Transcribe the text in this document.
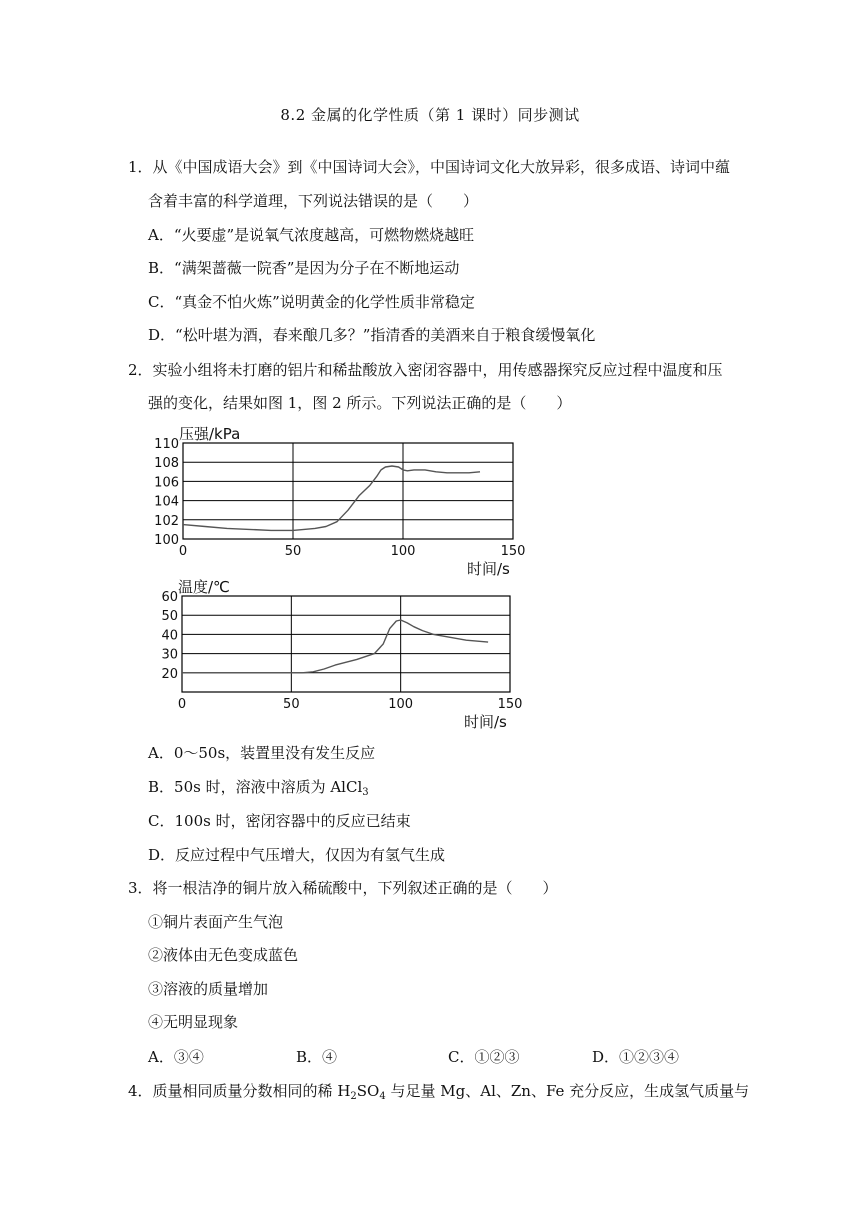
8.2 金属的化学性质（第 1 课时）同步测试
1．从《中国成语大会》到《中国诗词大会》，中国诗词文化大放异彩，很多成语、诗词中蕴
含着丰富的科学道理，下列说法错误的是（　　）
A．“火要虚”是说氧气浓度越高，可燃物燃烧越旺
B．“满架蔷薇一院香”是因为分子在不断地运动
C．“真金不怕火炼”说明黄金的化学性质非常稳定
D．“松叶堪为酒，春来酿几多？”指清香的美酒来自于粮食缓慢氧化
2．实验小组将未打磨的铝片和稀盐酸放入密闭容器中，用传感器探究反应过程中温度和压
强的变化，结果如图 1，图 2 所示。下列说法正确的是（　　）
100
102
104
106
108
110
0	50	100	150
压强/kPa
时间/s
20
30
40
50
60
0	50	100	150
温度/℃
时间/s
A．0～50s，装置里没有发生反应
B．50s 时，溶液中溶质为 AlCl$_3$
C．100s 时，密闭容器中的反应已结束
D．反应过程中气压增大，仅因为有氢气生成
3．将一根洁净的铜片放入稀硫酸中，下列叙述正确的是（　　）
①铜片表面产生气泡
②液体由无色变成蓝色
③溶液的质量增加
④无明显现象
A．③④	B．④	C．①②③	D．①②③④
4．质量相同质量分数相同的稀 $H_2SO_4$ 与足量 Mg、Al、Zn、Fe 充分反应，生成氢气质量与
